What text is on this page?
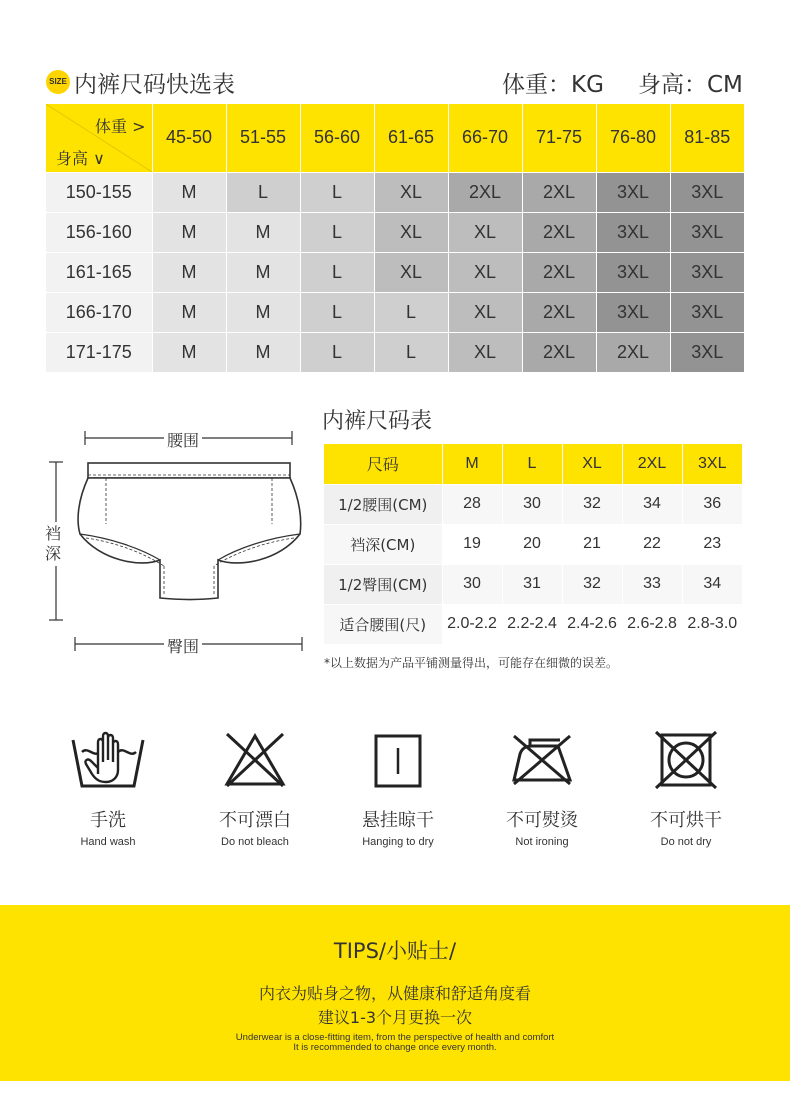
SIZE 内裤尺码快选表	体重：KG 身高：CM
体重 >
身高 ∨	45-50	51-55	56-60	61-65	66-70	71-75	76-80	81-85
150-155	M	L	L	XL	2XL	2XL	3XL	3XL
156-160	M	M	L	XL	XL	2XL	3XL	3XL
161-165	M	M	L	XL	XL	2XL	3XL	3XL
166-170	M	M	L	L	XL	2XL	3XL	3XL
171-175	M	M	L	L	XL	2XL	2XL	3XL
腰围
裆深
臀围
内裤尺码表
尺码	M	L	XL	2XL	3XL
1/2腰围(CM)	28	30	32	34	36
裆深(CM)	19	20	21	22	23
1/2臀围(CM)	30	31	32	33	34
适合腰围(尺)	2.0-2.2	2.2-2.4	2.4-2.6	2.6-2.8	2.8-3.0
*以上数据为产品平铺测量得出，可能存在细微的误差。
手洗
Hand wash
不可漂白
Do not bleach
悬挂晾干
Hanging to dry
不可熨烫
Not ironing
不可烘干
Do not dry
TIPS/小贴士/
内衣为贴身之物，从健康和舒适角度看
建议1-3个月更换一次
Underwear is a close-fitting item, from the perspective of health and comfort
It is recommended to change once every month.
